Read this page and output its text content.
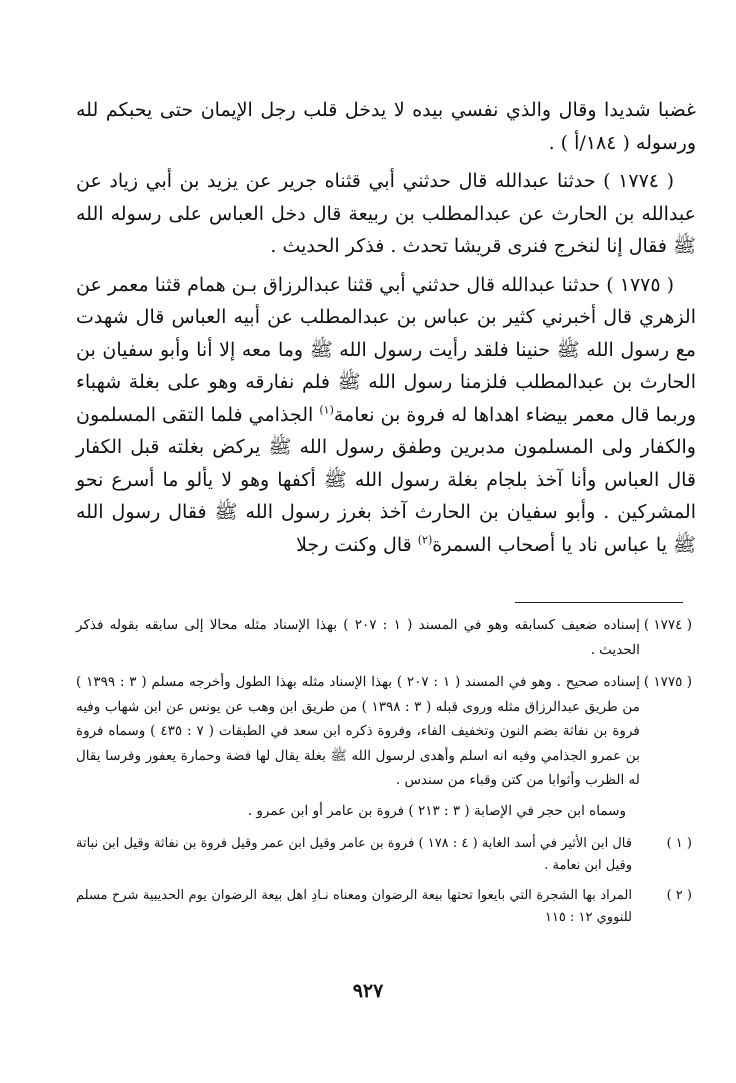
غضبا شديدا وقال والذي نفسي بيده لا يدخل قلب رجل الإيمان حتى يحبكم لله ورسوله ( ١٨٤/أ ) .

( ١٧٧٤ ) حدثنا عبدالله قال حدثني أبي قثناه جرير عن يزيد بن أبي زياد عن عبدالله بن الحارث عن عبدالمطلب بن ربيعة قال دخل العباس على رسوله الله ﷺ فقال إنا لنخرج فنرى قريشا تحدث . فذكر الحديث .

( ١٧٧٥ ) حدثنا عبدالله قال حدثني أبي قثنا عبدالرزاق بـن همام قثنا معمر عن الزهري قال أخبرني كثير بن عباس بن عبدالمطلب عن أبيه العباس قال شهدت مع رسول الله ﷺ حنينا فلقد رأيت رسول الله ﷺ وما معه إلا أنا وأبو سفيان بن الحارث بن عبدالمطلب فلزمنا رسول الله ﷺ فلم نفارقه وهو على بغلة شهباء وربما قال معمر بيضاء اهداها له فروة بن نعامة$^{(١)}$ الجذامي فلما التقى المسلمون والكفار ولى المسلمون مدبرين وطفق رسول الله ﷺ يركض بغلته قبل الكفار قال العباس وأنا آخذ بلجام بغلة رسول الله ﷺ أكفها وهو لا يألو ما أسرع نحو المشركين . وأبو سفيان بن الحارث آخذ بغرز رسول الله ﷺ فقال رسول الله ﷺ يا عباس ناد يا أصحاب السمرة$^{(٢)}$ قال وكنت رجلا

( ١٧٧٤ )
إسناده ضعيف كسابقه وهو في المسند ( ١ : ٢٠٧ ) بهذا الإسناد مثله محالا إلى سابقه بقوله فذكر الحديث .
( ١٧٧٥ )
إسناده صحيح . وهو في المسند ( ١ : ٢٠٧ ) بهذا الإسناد مثله بهذا الطول وأخرجه مسلم ( ٣ : ١٣٩٩ ) من طريق عبدالرزاق مثله وروى قبله ( ٣ : ١٣٩٨ ) من طريق ابن وهب عن يونس عن ابن شهاب وفيه فروة بن نفاثة بضم النون وتخفيف الفاء، وفروة ذكره ابن سعد في الطبقات ( ٧ : ٤٣٥ ) وسماه فروة بن عمرو الجذامي وفيه انه اسلم وأهدى لرسول الله ﷺ بغلة يقال لها فضة وحمارة يعفور وفرسا يقال له الظرب وأثوابا من كتن وقباء من سندس .
وسماه ابن حجر في الإصابة ( ٣ : ٢١٣ ) فروة بن عامر أو ابن عمرو .
( ١ )
قال ابن الأثير في أسد الغابة ( ٤ : ١٧٨ ) فروة بن عامر وقيل ابن عمر وقيل فروة بن نفاثة وقيل ابن نباتة وقيل ابن نعامة .
( ٢ )
المراد بها الشجرة التي بايعوا تحتها بيعة الرضوان ومعناه نـادِ اهل بيعة الرضوان يوم الحديبية شرح مسلم للنووي ١٢ : ١١٥
٩٢٧
